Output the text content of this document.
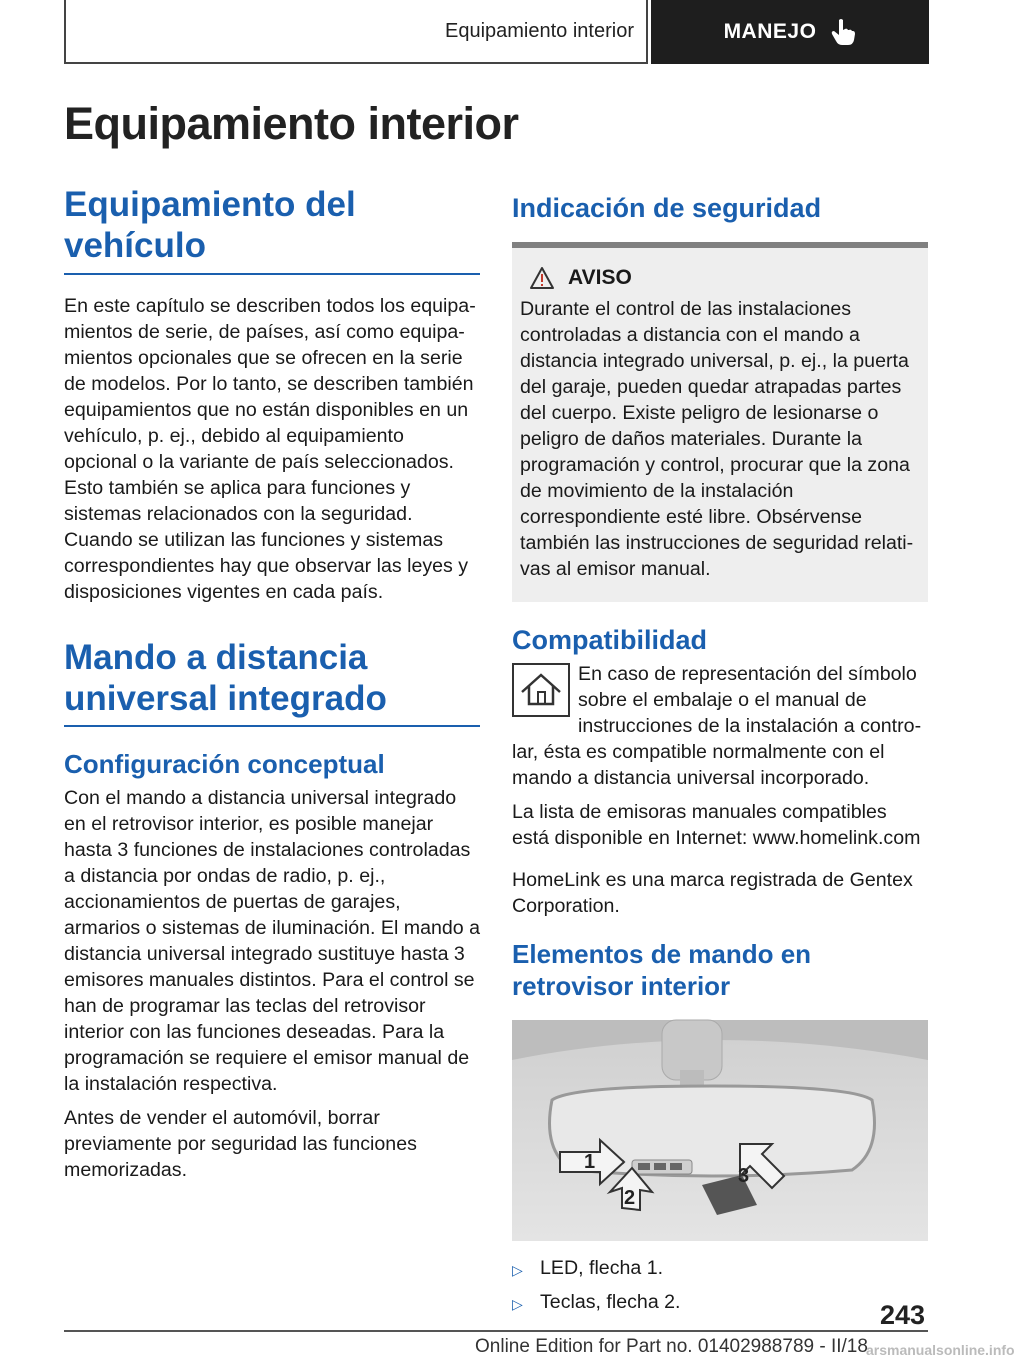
Equipamiento interior	MANEJO
Equipamiento interior
Equipamiento del vehículo

En este capítulo se describen todos los equipamientos de serie, de países, así como equipamientos opcionales que se ofrecen en la serie de modelos. Por lo tanto, se describen también equipamientos que no están disponibles en un vehículo, p. ej., debido al equipamiento opcional o la variante de país seleccionados. Esto también se aplica para funciones y sistemas relacionados con la seguridad. Cuando se utilizan las funciones y sistemas correspondientes hay que observar las leyes y disposiciones vigentes en cada país.

Mando a distancia universal integrado
Configuración conceptual

Con el mando a distancia universal integrado en el retrovisor interior, es posible manejar hasta 3 funciones de instalaciones controladas a distancia por ondas de radio, p. ej., accionamientos de puertas de garajes, armarios o sistemas de iluminación. El mando a distancia universal integrado sustituye hasta 3 emisores manuales distintos. Para el control se han de programar las teclas del retrovisor interior con las funciones deseadas. Para la programación se requiere el emisor manual de la instalación respectiva.

Antes de vender el automóvil, borrar previamente por seguridad las funciones memorizadas.

Indicación de seguridad
AVISO

Durante el control de las instalaciones controladas a distancia con el mando a distancia integrado universal, p. ej., la puerta del garaje, pueden quedar atrapadas partes del cuerpo. Existe peligro de lesionarse o peligro de daños materiales. Durante la programación y control, procurar que la zona de movimiento de la instalación correspondiente esté libre. Obsérvense también las instrucciones de seguridad relativas al emisor manual.

Compatibilidad

En caso de representación del símbolo sobre el embalaje o el manual de instrucciones de la instalación a controlar, ésta es compatible normalmente con el mando a distancia universal incorporado.

La lista de emisoras manuales compatibles está disponible en Internet: www.homelink.com

HomeLink es una marca registrada de Gentex Corporation.

Elementos de mando en retrovisor interior
1
2
3
▷ LED, flecha 1.
▷ Teclas, flecha 2.	243
Online Edition for Part no. 01402988789 - II/18
arsmanualsonline.info
